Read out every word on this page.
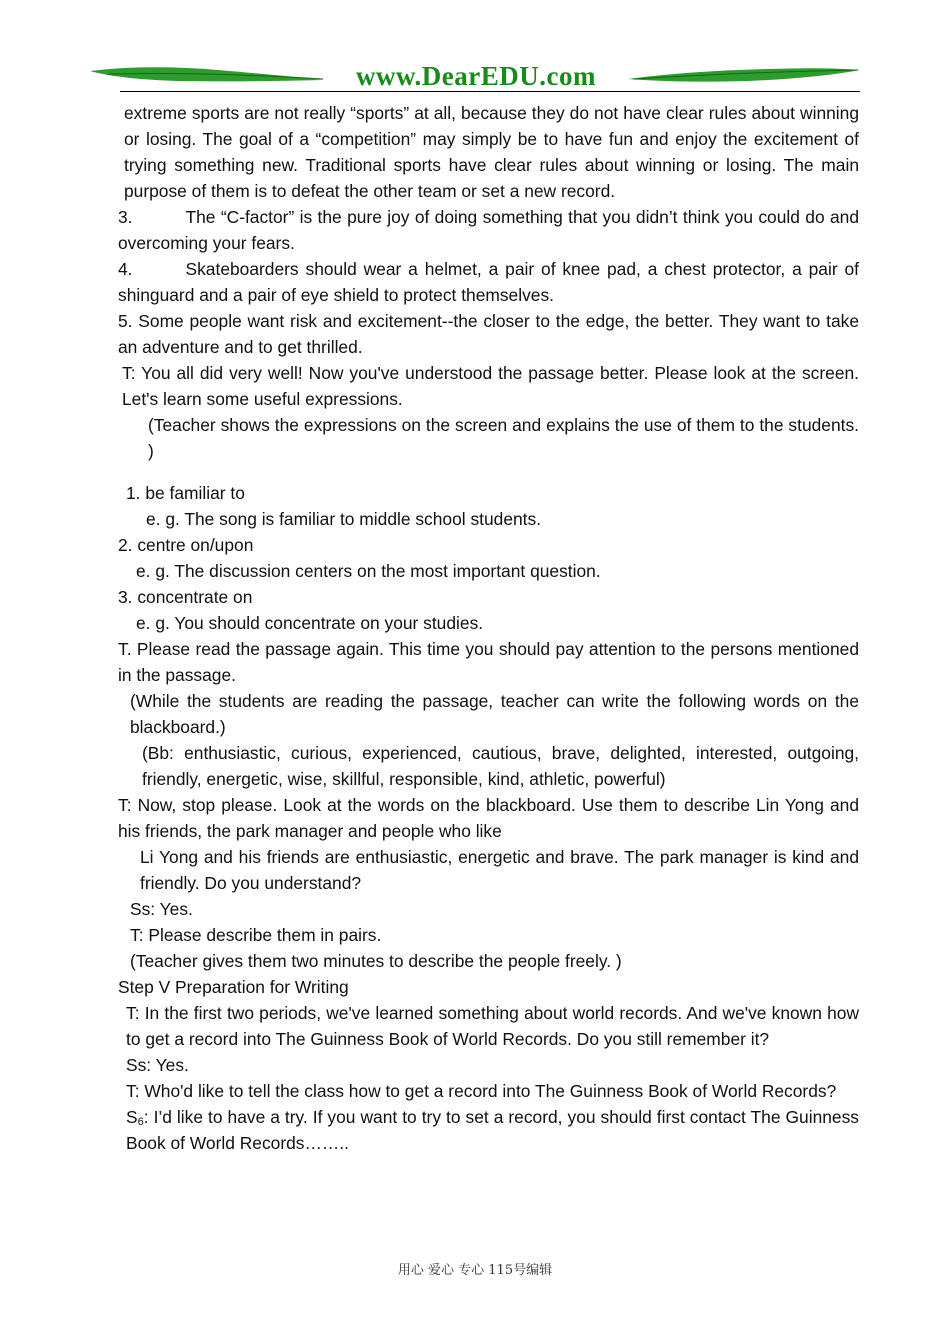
www.DearEDU.com

extreme sports are not really “sports” at all, because they do not have clear rules about winning or losing. The goal of a “competition” may simply be to have fun and enjoy the excitement of trying something new. Traditional sports have clear rules about winning or losing. The main purpose of them is to defeat the other team or set a new record.

3.	The “C-factor” is the pure joy of doing something that you didn’t think you could do and overcoming your fears.

4.	Skateboarders should wear a helmet, a pair of knee pad, a chest protector, a pair of shinguard and a pair of eye shield to protect themselves.

5. Some people want risk and excitement--the closer to the edge, the better. They want to take an adventure and to get thrilled.

T: You all did very well! Now you've understood the passage better. Please look at the screen. Let's learn some useful expressions.

(Teacher shows the expressions on the screen and explains the use of them to the students. )

1. be familiar to

e. g. The song is familiar to middle school students.

2. centre on/upon

e. g. The discussion centers on the most important question.

3. concentrate on

e. g. You should concentrate on your studies.

T. Please read the passage again. This time you should pay attention to the persons mentioned in the passage.

(While the students are reading the passage, teacher can write the following words on the blackboard.)

(Bb: enthusiastic, curious, experienced, cautious, brave, delighted, interested, outgoing, friendly, energetic, wise, skillful, responsible, kind, athletic, powerful)

T: Now, stop please. Look at the words on the blackboard. Use them to describe Lin Yong and his friends, the park manager and people who like

Li Yong and his friends are enthusiastic, energetic and brave. The park manager is kind and friendly. Do you understand?

Ss: Yes.

T: Please describe them in pairs.

(Teacher gives them two minutes to describe the people freely. )

Step V Preparation for Writing

T: In the first two periods, we've learned something about world records. And we've known how to get a record into The Guinness Book of World Records. Do you still remember it?

Ss: Yes.

T: Who'd like to tell the class how to get a record into The Guinness Book of World Records?

$S_6$: I’d like to have a try. If you want to try to set a record, you should first contact The Guinness Book of World Records……..

用心 爱心 专心 115号编辑
